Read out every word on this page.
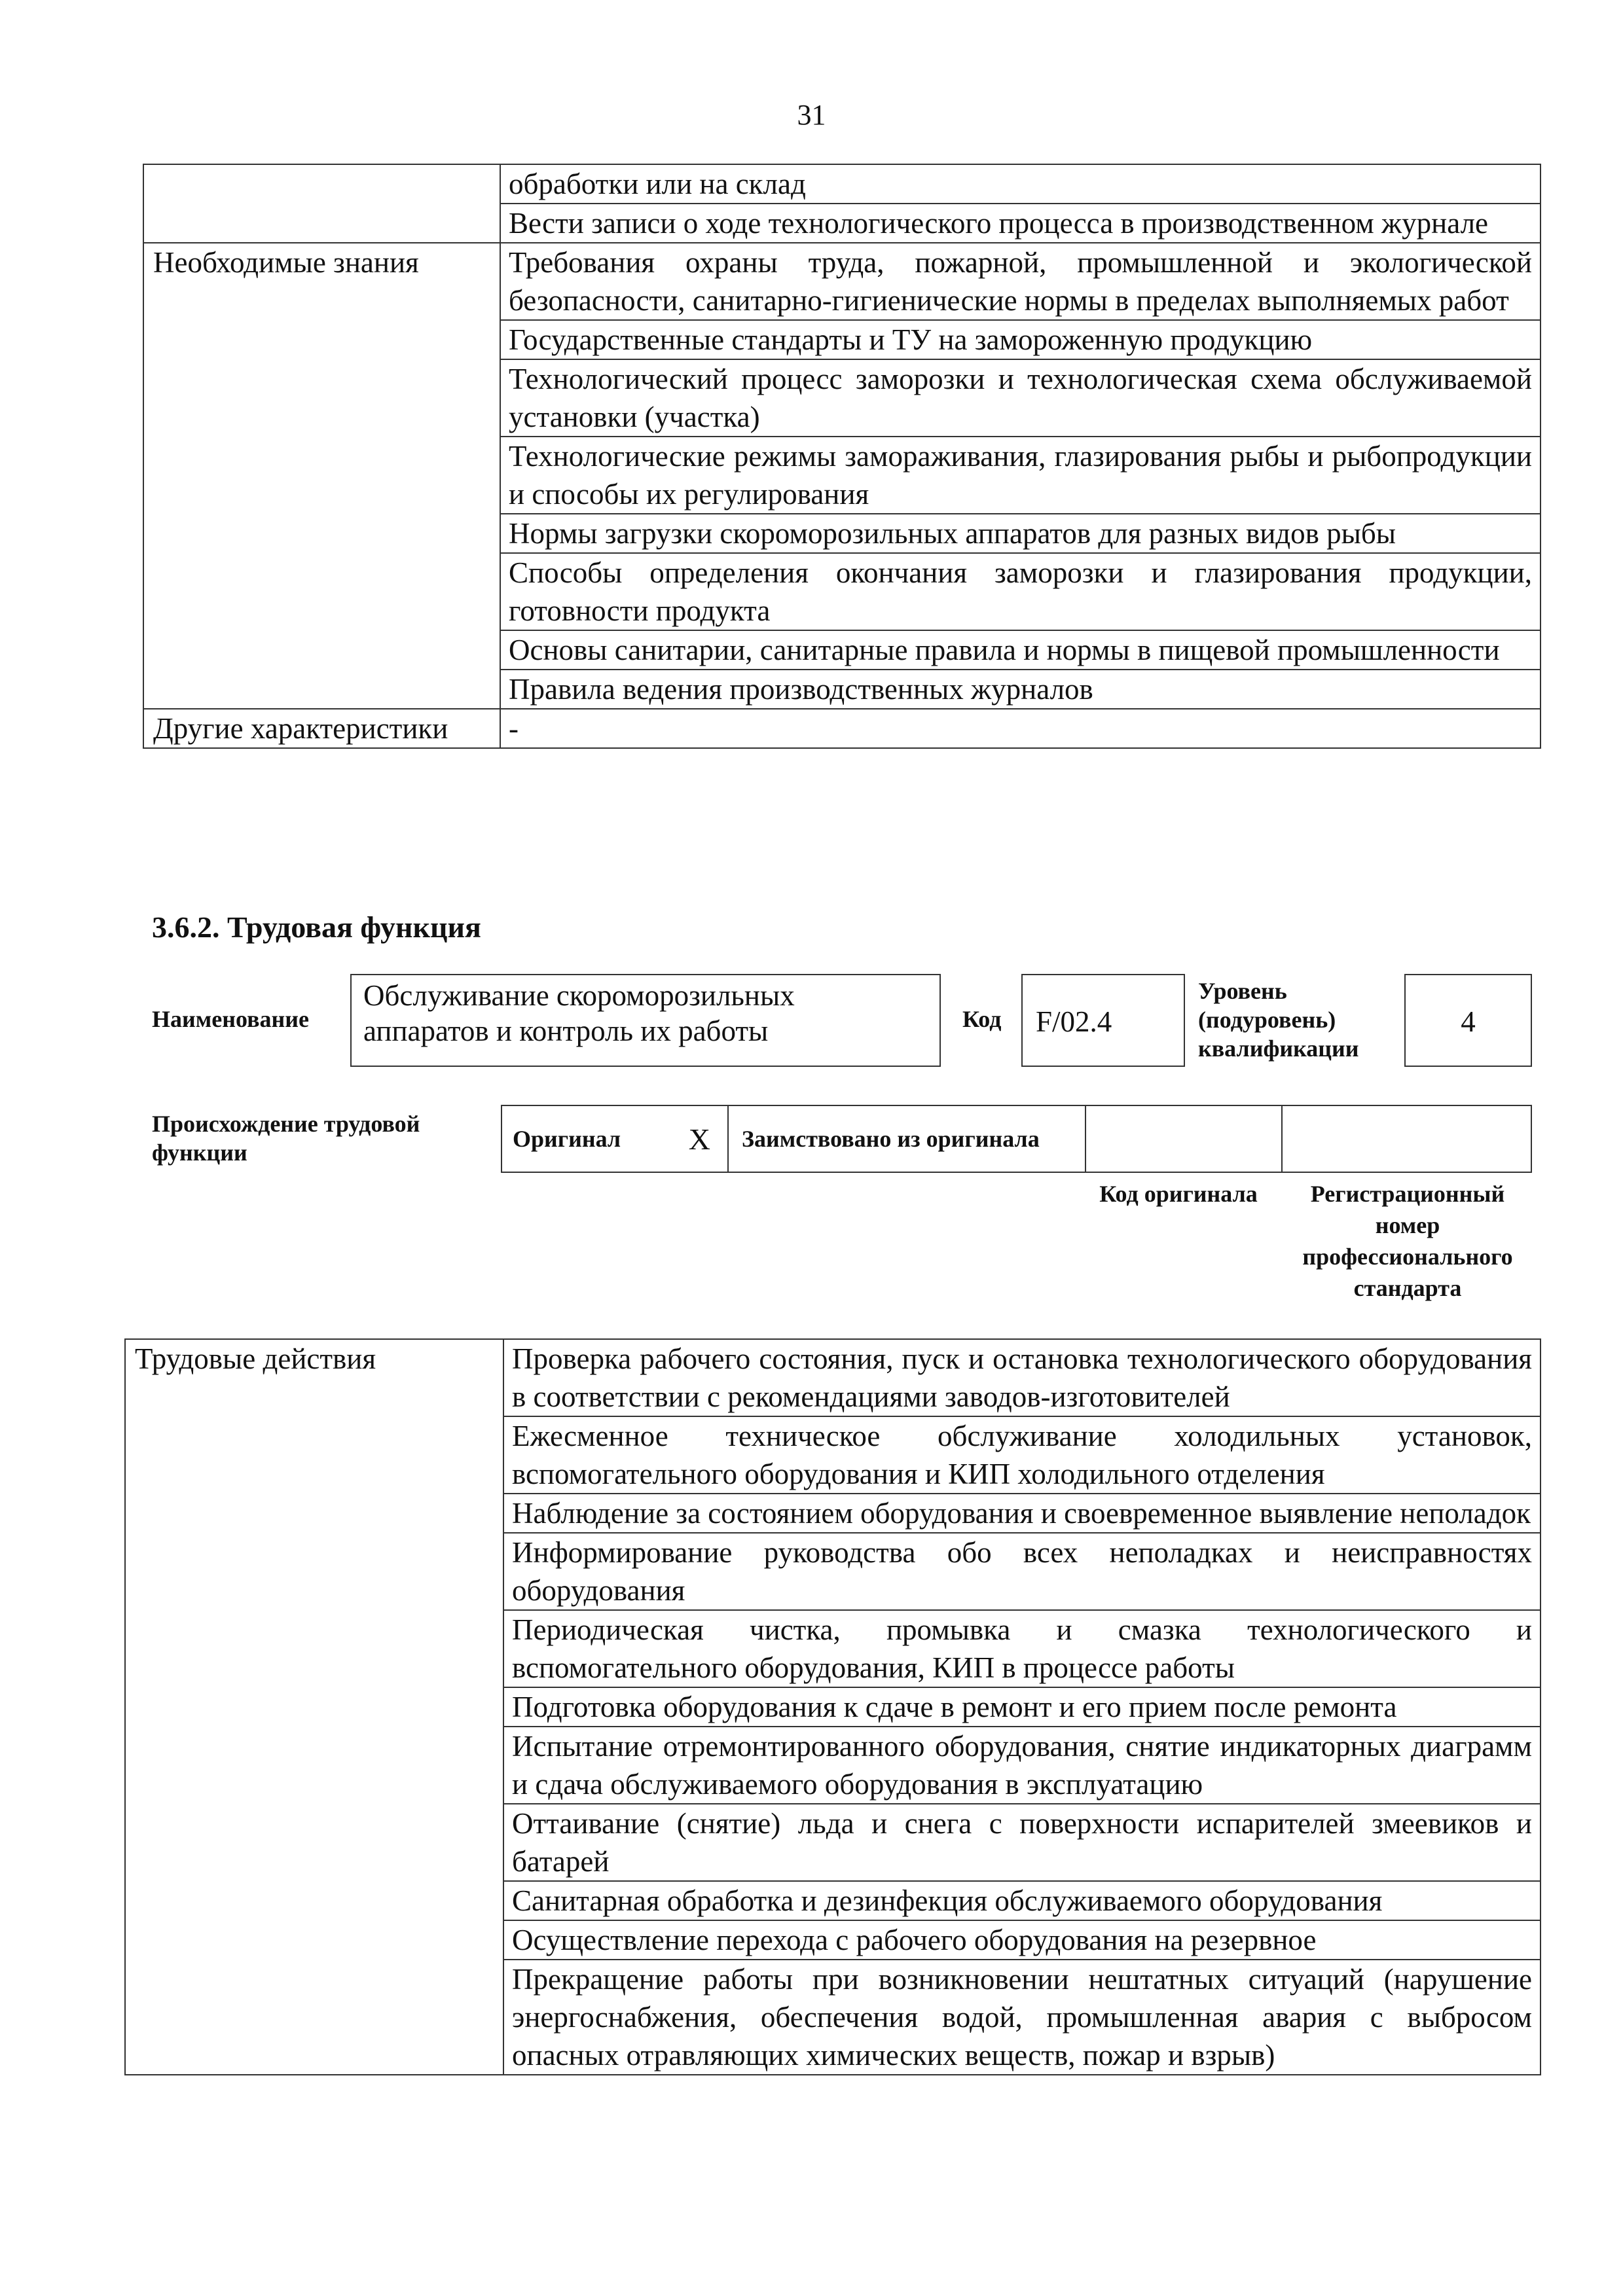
31
	обработки или на склад
	Вести записи о ходе технологического процесса в производственном журнале
Необходимые знания	Требования охраны труда, пожарной, промышленной и экологической безопасности, санитарно-гигиенические нормы в пределах выполняемых работ
	Государственные стандарты и ТУ на замороженную продукцию
	Технологический процесс заморозки и технологическая схема обслуживаемой установки (участка)
	Технологические режимы замораживания, глазирования рыбы и рыбопродукции и способы их регулирования
	Нормы загрузки скороморозильных аппаратов для разных видов рыбы
	Способы определения окончания заморозки и глазирования продукции, готовности продукта
	Основы санитарии, санитарные правила и нормы в пищевой промышленности
	Правила ведения производственных журналов
Другие характеристики	-
3.6.2. Трудовая функция
Наименование
Обслуживание скороморозильных аппаратов и контроль их работы	Код F/02.4
Уровень (подуровень) квалификации
4
Происхождение трудовой функции
Оригинал X	Заимствовано из оригинала
Код оригинала	Регистрационный номер профессионального стандарта
Трудовые действия	Проверка рабочего состояния, пуск и остановка технологического оборудования в соответствии с рекомендациями заводов-изготовителей
Ежесменное техническое обслуживание холодильных установок, вспомогательного оборудования и КИП холодильного отделения
Наблюдение за состоянием оборудования и своевременное выявление неполадок
Информирование руководства обо всех неполадках и неисправностях оборудования
Периодическая чистка, промывка и смазка технологического и вспомогательного оборудования, КИП в процессе работы
Подготовка оборудования к сдаче в ремонт и его прием после ремонта
Испытание отремонтированного оборудования, снятие индикаторных диаграмм и сдача обслуживаемого оборудования в эксплуатацию
Оттаивание (снятие) льда и снега с поверхности испарителей змеевиков и батарей
Санитарная обработка и дезинфекция обслуживаемого оборудования
Осуществление перехода с рабочего оборудования на резервное
Прекращение работы при возникновении нештатных ситуаций (нарушение энергоснабжения, обеспечения водой, промышленная авария с выбросом опасных отравляющих химических веществ, пожар и взрыв)
